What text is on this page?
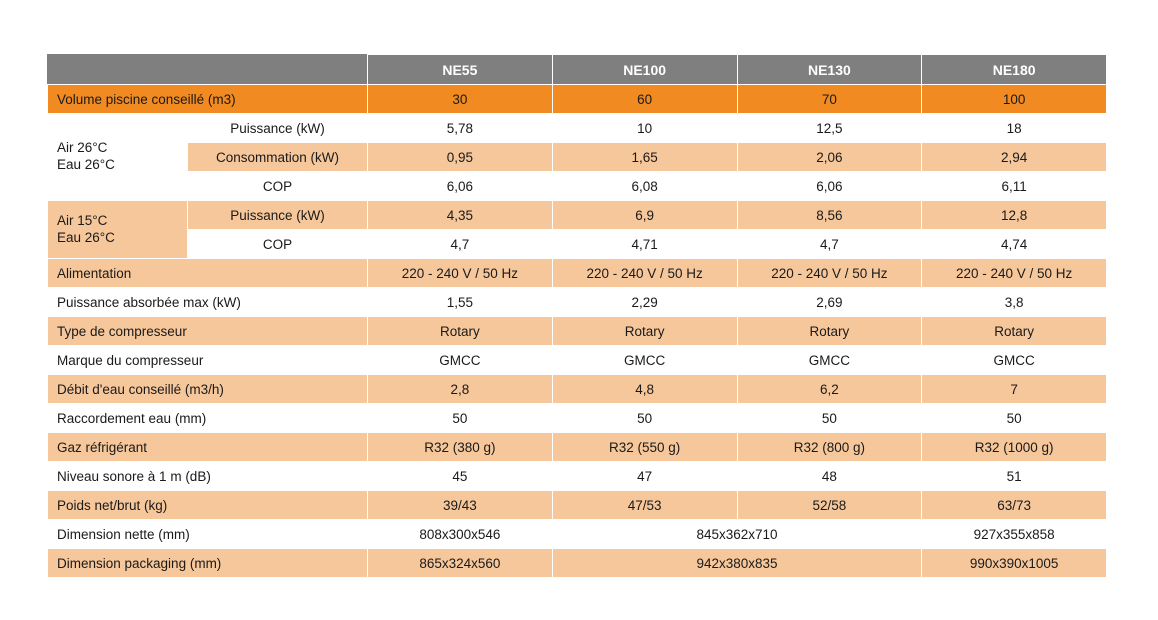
		NE55	NE100	NE130	NE180
Volume piscine conseillé (m3)		30	60	70	100
Air 26°C
Eau 26°C	Puissance (kW)	5,78	10	12,5	18
	Consommation (kW)	0,95	1,65	2,06	2,94
	COP	6,06	6,08	6,06	6,11
Air 15°C
Eau 26°C	Puissance (kW)	4,35	6,9	8,56	12,8
	COP	4,7	4,71	4,7	4,74
Alimentation		220 - 240 V / 50 Hz	220 - 240 V / 50 Hz	220 - 240 V / 50 Hz	220 - 240 V / 50 Hz
Puissance absorbée max (kW)		1,55	2,29	2,69	3,8
Type de compresseur		Rotary	Rotary	Rotary	Rotary
Marque du compresseur		GMCC	GMCC	GMCC	GMCC
Débit d'eau conseillé (m3/h)		2,8	4,8	6,2	7
Raccordement eau (mm)		50	50	50	50
Gaz réfrigérant		R32 (380 g)	R32 (550 g)	R32 (800 g)	R32 (1000 g)
Niveau sonore à 1 m (dB)		45	47	48	51
Poids net/brut (kg)		39/43	47/53	52/58	63/73
Dimension nette (mm)		808x300x546	845x362x710		927x355x858
Dimension packaging (mm)		865x324x560	942x380x835		990x390x1005
